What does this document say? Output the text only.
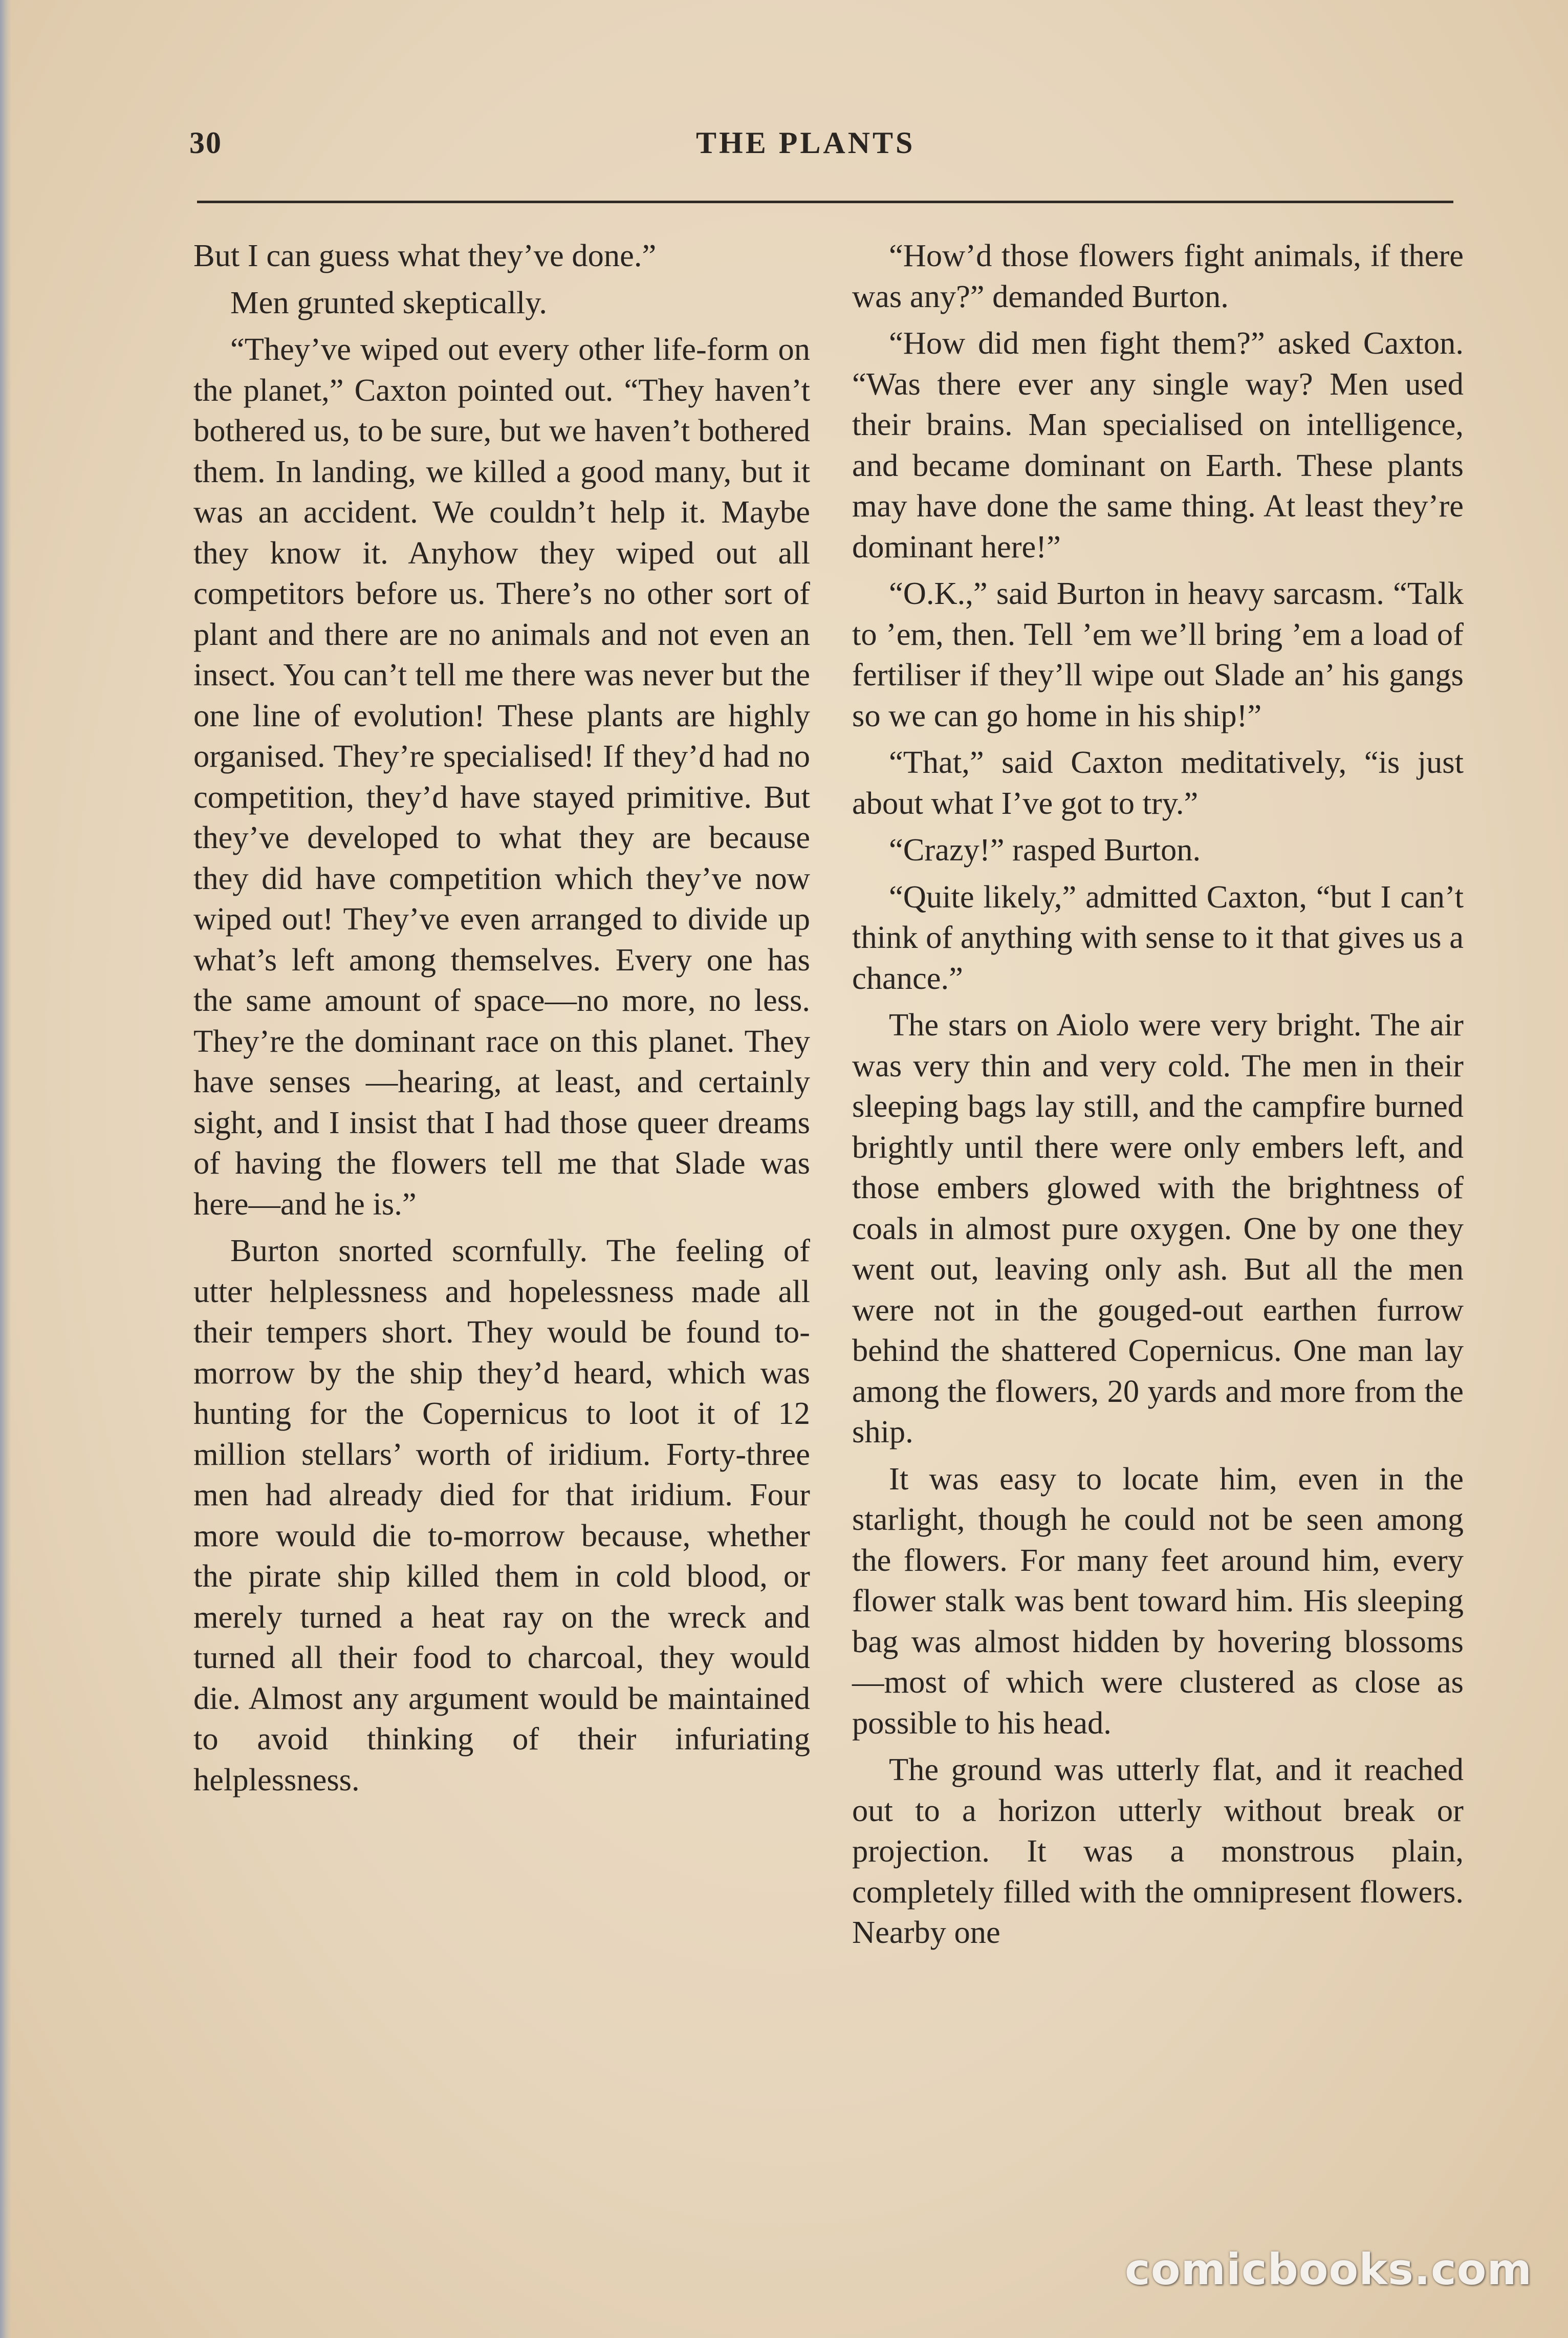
30	THE PLANTS

But I can guess what they’ve done.”

Men grunted skeptically.

“They’ve wiped out every other life-form on the planet,” Caxton pointed out. “They haven’t bothered us, to be sure, but we haven’t bothered them. In landing, we killed a good many, but it was an accident. We couldn’t help it. Maybe they know it. Anyhow they wiped out all competitors before us. There’s no other sort of plant and there are no animals and not even an insect. You can’t tell me there was never but the one line of evolution! These plants are highly organised. They’re specialised! If they’d had no competition, they’d have stayed primitive. But they’ve developed to what they are because they did have competition which they’ve now wiped out! They’ve even arranged to divide up what’s left among themselves. Every one has the same amount of space—no more, no less. They’re the dominant race on this planet. They have senses —hearing, at least, and certainly sight, and I insist that I had those queer dreams of having the flowers tell me that Slade was here—and he is.”

Burton snorted scornfully. The feeling of utter helplessness and hopelessness made all their tempers short. They would be found to-morrow by the ship they’d heard, which was hunting for the Copernicus to loot it of 12 million stellars’ worth of iridium. Forty-three men had already died for that iridium. Four more would die to-morrow because, whether the pirate ship killed them in cold blood, or merely turned a heat ray on the wreck and turned all their food to charcoal, they would die. Almost any argument would be maintained to avoid thinking of their infuriating helplessness.

“How’d those flowers fight animals, if there was any?” demanded Burton.

“How did men fight them?” asked Caxton. “Was there ever any single way? Men used their brains. Man specialised on intelligence, and became dominant on Earth. These plants may have done the same thing. At least they’re dominant here!”

“O.K.,” said Burton in heavy sarcasm. “Talk to ’em, then. Tell ’em we’ll bring ’em a load of fertiliser if they’ll wipe out Slade an’ his gangs so we can go home in his ship!”

“That,” said Caxton meditatively, “is just about what I’ve got to try.”

“Crazy!” rasped Burton.

“Quite likely,” admitted Caxton, “but I can’t think of anything with sense to it that gives us a chance.”

The stars on Aiolo were very bright. The air was very thin and very cold. The men in their sleeping bags lay still, and the campfire burned brightly until there were only embers left, and those embers glowed with the brightness of coals in almost pure oxygen. One by one they went out, leaving only ash. But all the men were not in the gouged-out earthen furrow behind the shattered Copernicus. One man lay among the flowers, 20 yards and more from the ship.

It was easy to locate him, even in the starlight, though he could not be seen among the flowers. For many feet around him, every flower stalk was bent toward him. His sleeping bag was almost hidden by hovering blossoms—most of which were clustered as close as possible to his head.

The ground was utterly flat, and it reached out to a horizon utterly without break or projection. It was a monstrous plain, completely filled with the omnipresent flowers. Nearby one

comicbooks.com
